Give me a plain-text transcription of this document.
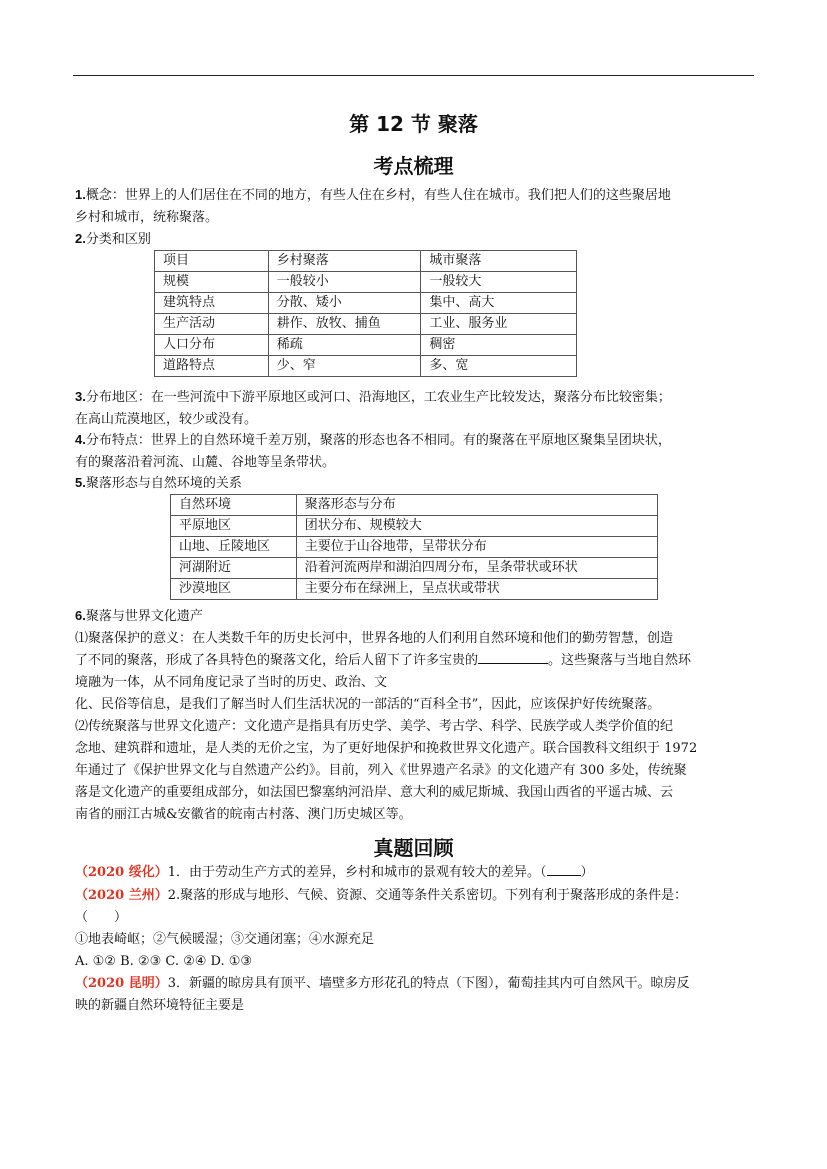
第 12 节 聚落
考点梳理
1.概念：世界上的人们居住在不同的地方，有些人住在乡村，有些人住在城市。我们把人们的这些聚居地
乡村和城市，统称聚落。
2.分类和区别
项目	乡村聚落	城市聚落
规模	一般较小	一般较大
建筑特点	分散、矮小	集中、高大
生产活动	耕作、放牧、捕鱼	工业、服务业
人口分布	稀疏	稠密
道路特点	少、窄	多、宽
3.分布地区：在一些河流中下游平原地区或河口、沿海地区，工农业生产比较发达，聚落分布比较密集；
在高山荒漠地区，较少或没有。
4.分布特点：世界上的自然环境千差万别，聚落的形态也各不相同。有的聚落在平原地区聚集呈团块状，
有的聚落沿着河流、山麓、谷地等呈条带状。
5.聚落形态与自然环境的关系
自然环境	聚落形态与分布
平原地区	团状分布、规模较大
山地、丘陵地区	主要位于山谷地带，呈带状分布
河湖附近	沿着河流两岸和湖泊四周分布，呈条带状或环状
沙漠地区	主要分布在绿洲上，呈点状或带状
6.聚落与世界文化遗产
⑴聚落保护的意义：在人类数千年的历史长河中，世界各地的人们利用自然环境和他们的勤劳智慧，创造
了不同的聚落，形成了各具特色的聚落文化，给后人留下了许多宝贵的	。这些聚落与当地自然环
境融为一体，从不同角度记录了当时的历史、政治、文
化、民俗等信息，是我们了解当时人们生活状况的一部活的“百科全书”，因此，应该保护好传统聚落。
⑵传统聚落与世界文化遗产：文化遗产是指具有历史学、美学、考古学、科学、民族学或人类学价值的纪
念地、建筑群和遗址，是人类的无价之宝，为了更好地保护和挽救世界文化遗产。联合国教科文组织于 1972
年通过了《保护世界文化与自然遗产公约》。目前，列入《世界遗产名录》的文化遗产有 300 多处，传统聚
落是文化遗产的重要组成部分，如法国巴黎塞纳河沿岸、意大利的威尼斯城、我国山西省的平遥古城、云
南省的丽江古城&安徽省的皖南古村落、澳门历史城区等。
真题回顾
（2020 绥化）1．由于劳动生产方式的差异，乡村和城市的景观有较大的差异。（	）
（2020 兰州）2.聚落的形成与地形、气候、资源、交通等条件关系密切。下列有利于聚落形成的条件是：
（　　）
①地表崎岖；②气候暖湿；③交通闭塞；④水源充足
A. ①② B. ②③ C. ②④ D. ①③
（2020 昆明）3．新疆的晾房具有顶平、墙壁多方形花孔的特点（下图），葡萄挂其内可自然风干。晾房反
映的新疆自然环境特征主要是
